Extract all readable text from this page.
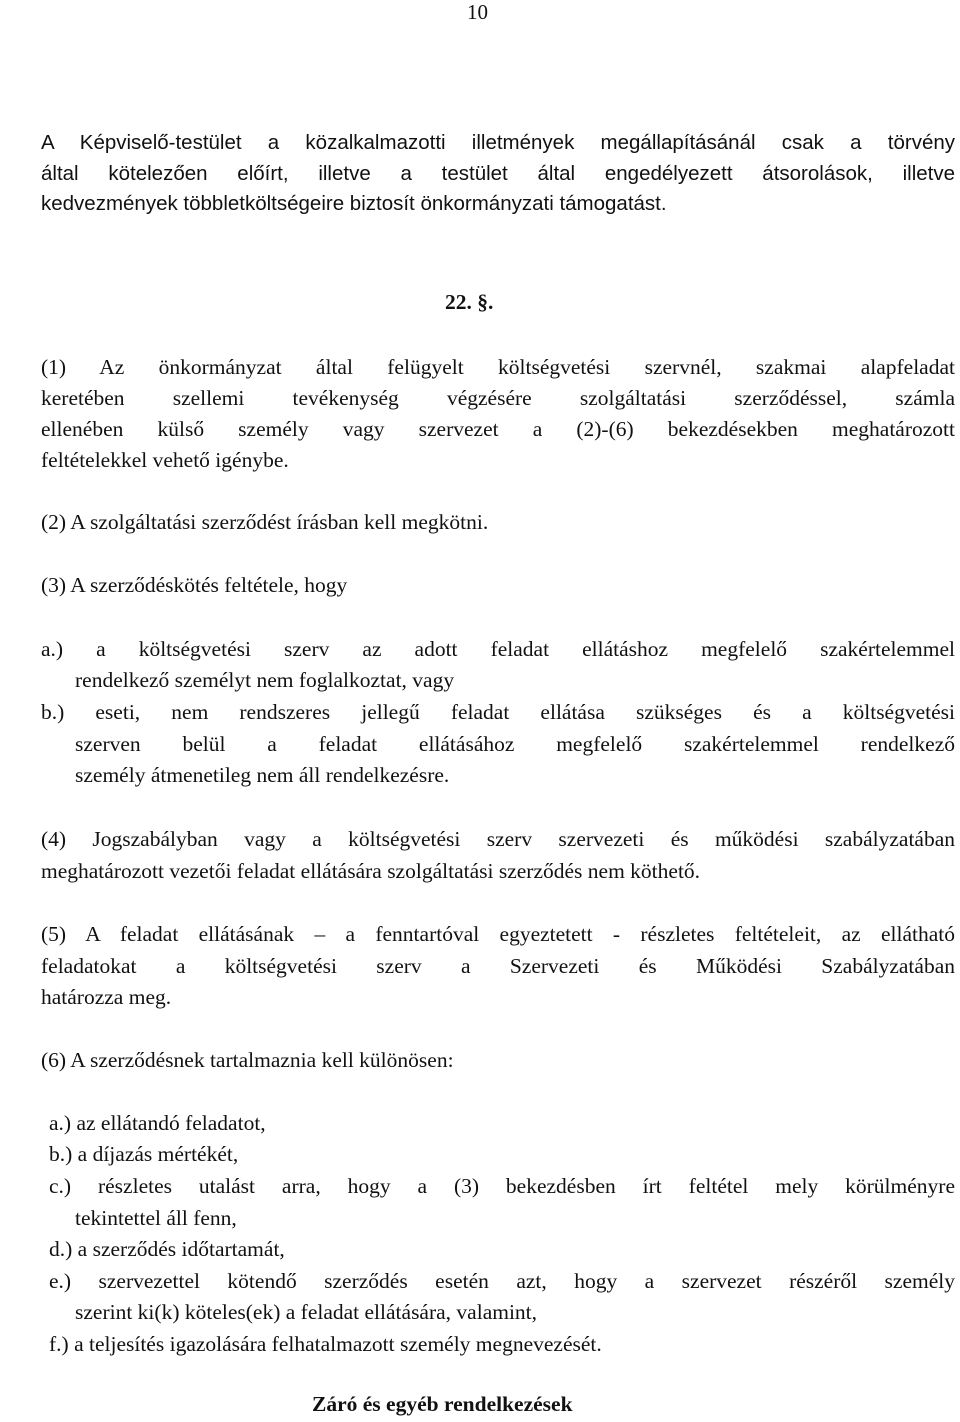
10
A Képviselő-testület a közalkalmazotti illetmények megállapításánál csak a törvény
által kötelezően előírt, illetve a testület által engedélyezett átsorolások, illetve
kedvezmények többletköltségeire biztosít önkormányzati támogatást.
22. §.
(1) Az önkormányzat által felügyelt költségvetési szervnél, szakmai alapfeladat
keretében szellemi tevékenység végzésére szolgáltatási szerződéssel, számla
ellenében külső személy vagy szervezet a (2)-(6) bekezdésekben meghatározott
feltételekkel vehető igénybe.
(2) A szolgáltatási szerződést írásban kell megkötni.
(3) A szerződéskötés feltétele, hogy
a.) a költségvetési szerv az adott feladat ellátáshoz megfelelő szakértelemmel
rendelkező személyt nem foglalkoztat, vagy
b.) eseti, nem rendszeres jellegű feladat ellátása szükséges és a költségvetési
szerven belül a feladat ellátásához megfelelő szakértelemmel rendelkező
személy átmenetileg nem áll rendelkezésre.
(4) Jogszabályban vagy a költségvetési szerv szervezeti és működési szabályzatában
meghatározott vezetői feladat ellátására szolgáltatási szerződés nem köthető.
(5) A feladat ellátásának – a fenntartóval egyeztetett - részletes feltételeit, az ellátható
feladatokat a költségvetési szerv a Szervezeti és Működési Szabályzatában
határozza meg.
(6) A szerződésnek tartalmaznia kell különösen:
a.) az ellátandó feladatot,
b.) a díjazás mértékét,
c.) részletes utalást arra, hogy a (3) bekezdésben írt feltétel mely körülményre
tekintettel áll fenn,
d.) a szerződés időtartamát,
e.) szervezettel kötendő szerződés esetén azt, hogy a szervezet részéről személy
szerint ki(k) köteles(ek) a feladat ellátására, valamint,
f.) a teljesítés igazolására felhatalmazott személy megnevezését.
Záró és egyéb rendelkezések
